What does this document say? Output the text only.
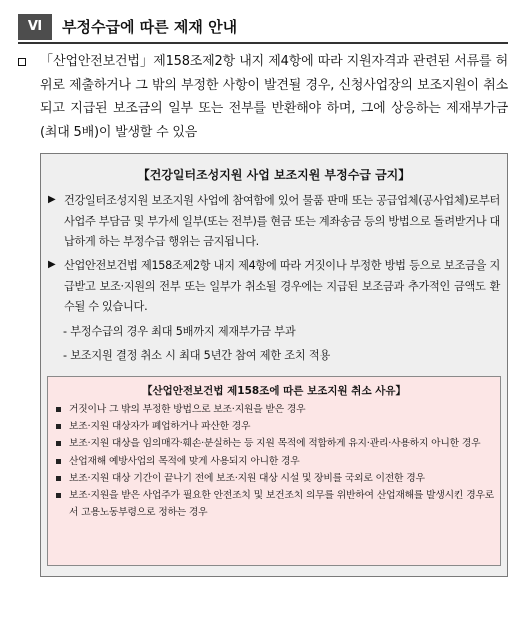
Ⅵ	부정수급에 따른 제재 안내
「산업안전보건법」제158조제2항 내지 제4항에 따라 지원자격과 관련된 서류를 허위로 제출하거나 그 밖의 부정한 사항이 발견될 경우, 신청사업장의 보조지원이 취소되고 지급된 보조금의 일부 또는 전부를 반환해야 하며, 그에 상응하는 제재부가금(최대 5배)이 발생할 수 있음
【건강일터조성지원 사업 보조지원 부정수급 금지】
▶ 건강일터조성지원 보조지원 사업에 참여함에 있어 물품 판매 또는 공급업체(공사업체)로부터 사업주 부담금 및 부가세 일부(또는 전부)를 현금 또는 계좌송금 등의 방법으로 돌려받거나 대납하게 하는 부정수급 행위는 금지됩니다.
▶ 산업안전보건법 제158조제2항 내지 제4항에 따라 거짓이나 부정한 방법 등으로 보조금을 지급받고 보조·지원의 전부 또는 일부가 취소될 경우에는 지급된 보조금과 추가적인 금액도 환수될 수 있습니다.
- 부정수급의 경우 최대 5배까지 제재부가금 부과
- 보조지원 결정 취소 시 최대 5년간 참여 제한 조치 적용
【산업안전보건법 제158조에 따른 보조지원 취소 사유】
거짓이나 그 밖의 부정한 방법으로 보조·지원을 받은 경우
보조·지원 대상자가 폐업하거나 파산한 경우
보조·지원 대상을 임의매각·훼손·분실하는 등 지원 목적에 적합하게 유지·관리·사용하지 아니한 경우
산업재해 예방사업의 목적에 맞게 사용되지 아니한 경우
보조·지원 대상 기간이 끝나기 전에 보조·지원 대상 시설 및 장비를 국외로 이전한 경우
보조·지원을 받은 사업주가 필요한 안전조치 및 보건조치 의무를 위반하여 산업재해를 발생시킨 경우로서 고용노동부령으로 정하는 경우
